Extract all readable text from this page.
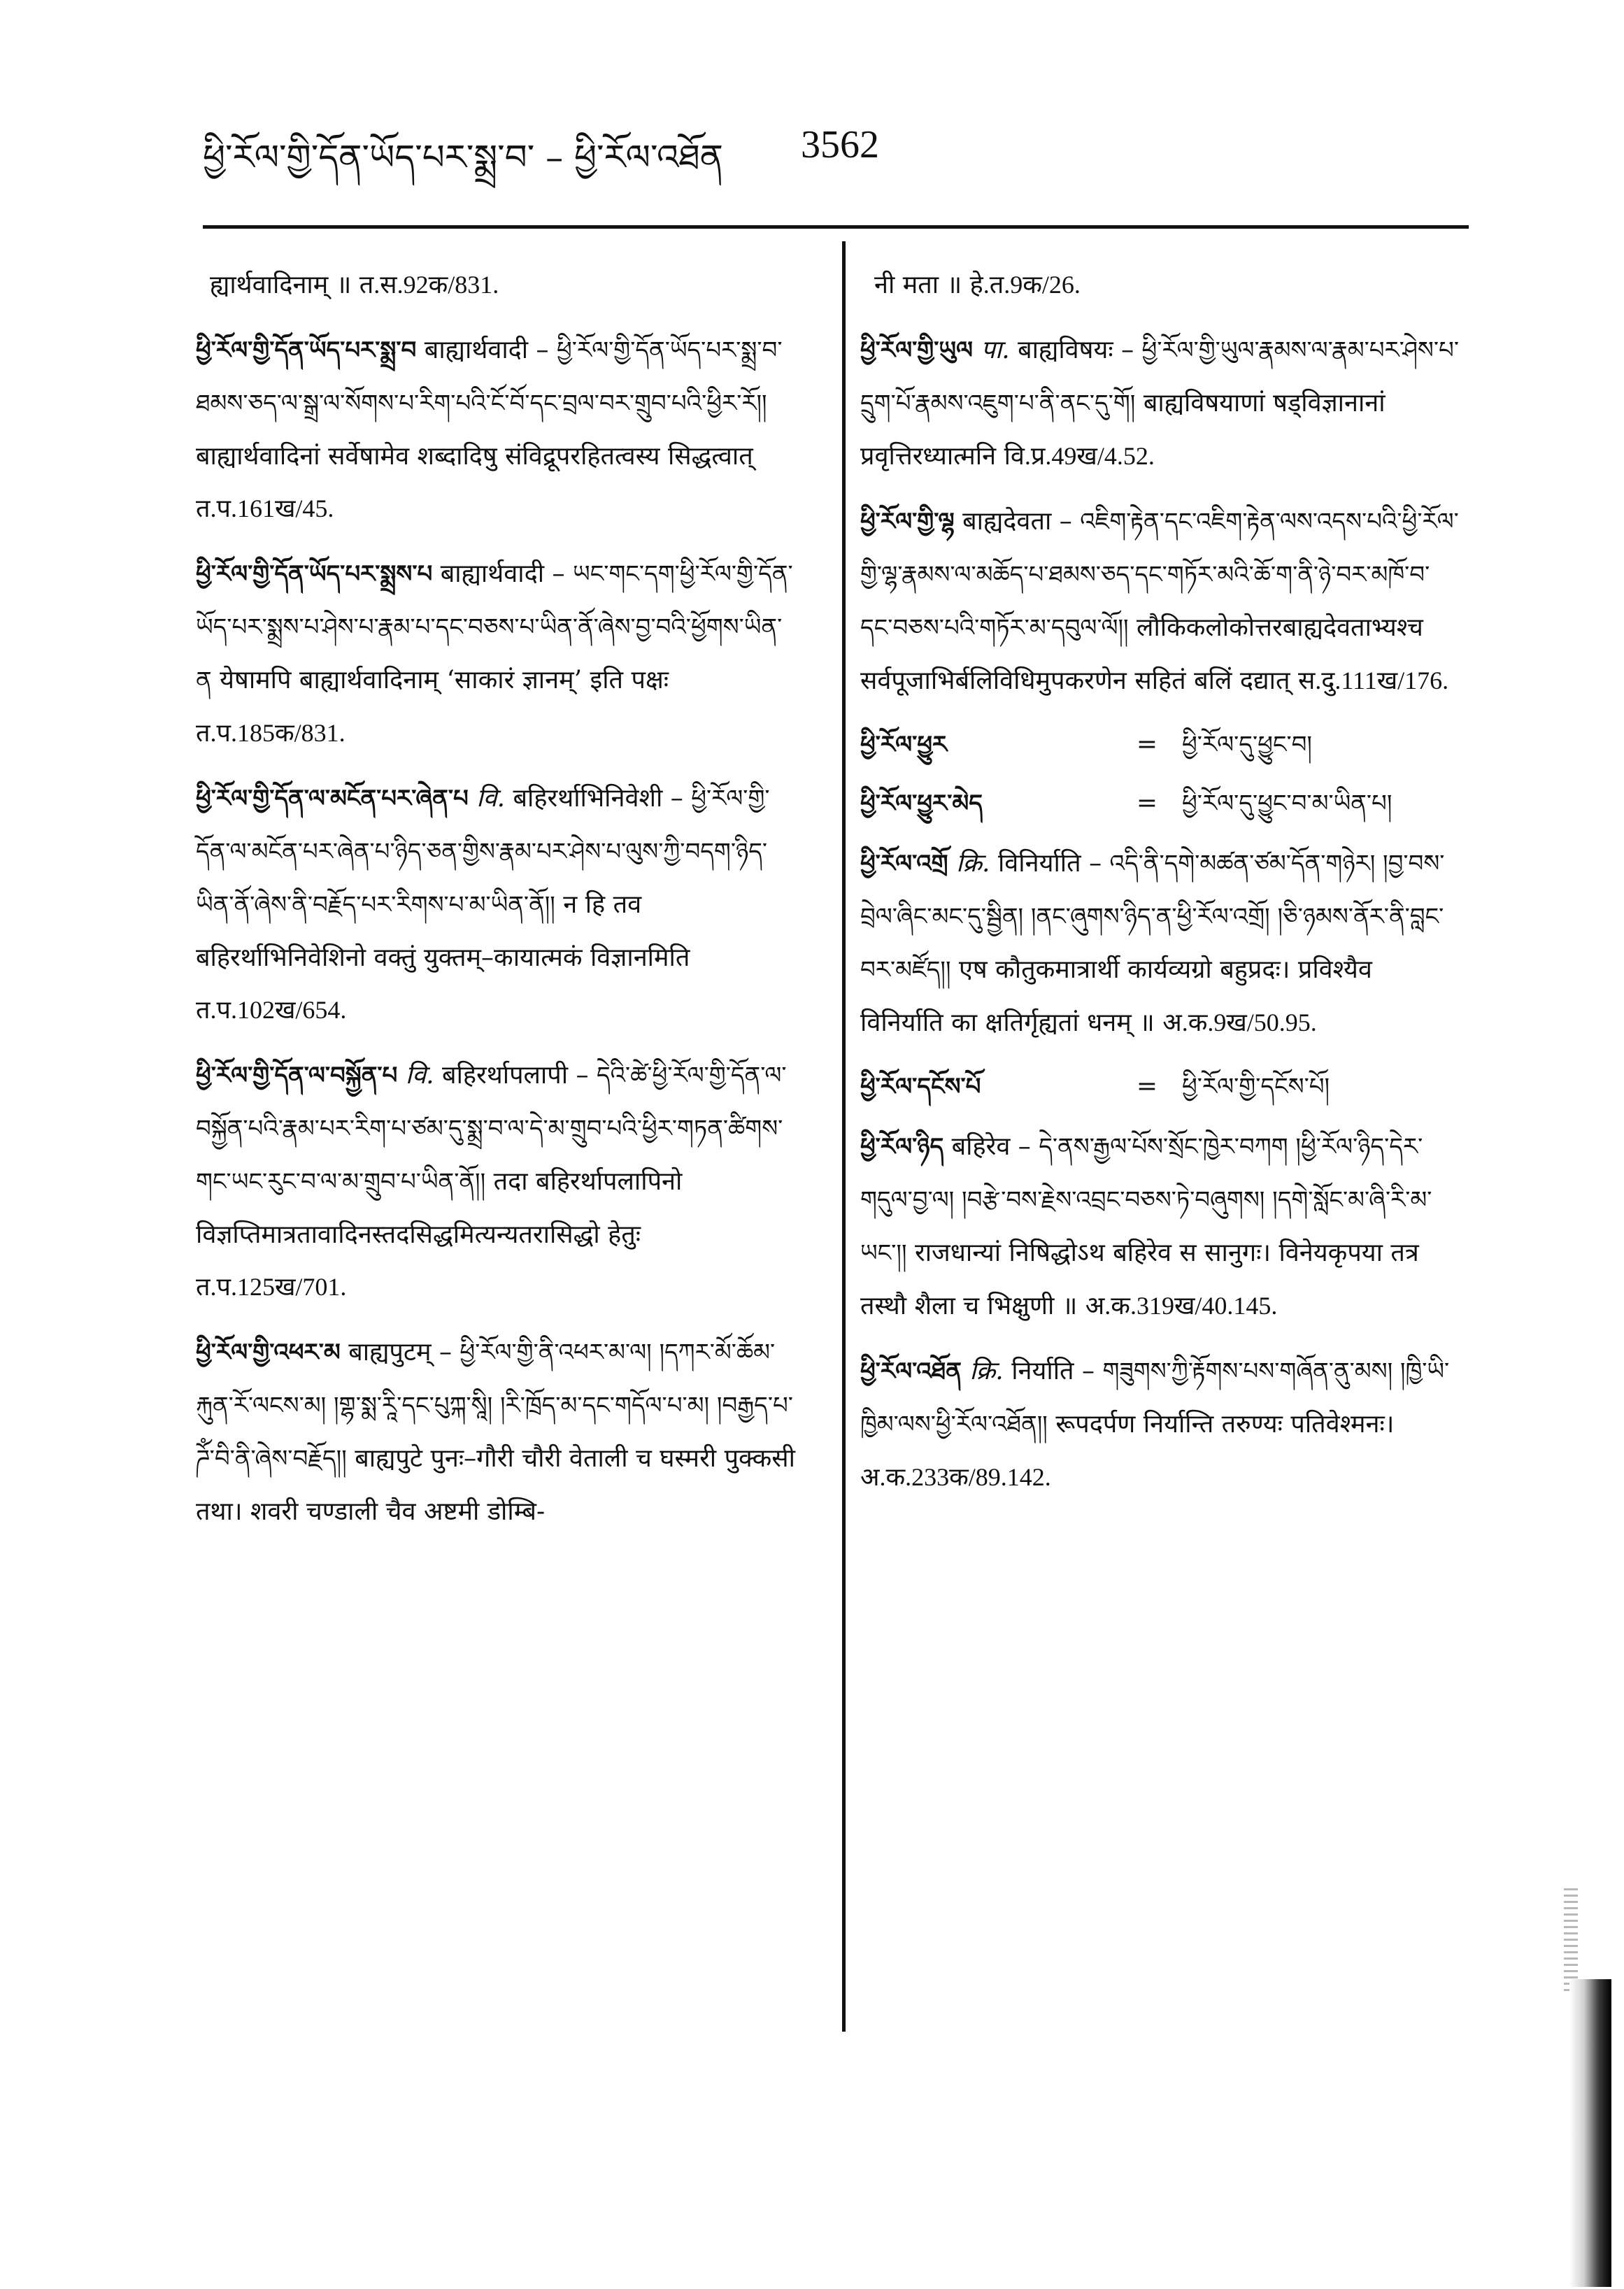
ཕྱི་རོལ་གྱི་དོན་ཡོད་པར་སྨྲ་བ་ – ཕྱི་རོལ་འཐོན 3562
ह्यार्थवादिनाम् ॥ त.स.92क/831.
ཕྱི་རོལ་གྱི་དོན་ཡོད་པར་སྨྲ་བ बाह्यार्थवादी – ཕྱི་རོལ་གྱི་དོན་ཡོད་པར་སྨྲ་བ་ཐམས་ཅད་ལ་སྒྲ་ལ་སོགས་པ་རིག་པའི་ངོ་བོ་དང་བྲལ་བར་གྲུབ་པའི་ཕྱིར་རོ།། बाह्यार्थवादिनां सर्वेषामेव शब्दादिषु संविद्रूपरहितत्वस्य सिद्धत्वात् त.प.161ख/45.
ཕྱི་རོལ་གྱི་དོན་ཡོད་པར་སྨྲས་པ बाह्यार्थवादी – ཡང་གང་དག་ཕྱི་རོལ་གྱི་དོན་ཡོད་པར་སྨྲས་པ་ཤེས་པ་རྣམ་པ་དང་བཅས་པ་ཡིན་ནོ་ཞེས་བྱ་བའི་ཕྱོགས་ཡིན་ན येषामपि बाह्यार्थवादिनाम् ‘साकारं ज्ञानम्’ इति पक्षः त.प.185क/831.
ཕྱི་རོལ་གྱི་དོན་ལ་མངོན་པར་ཞེན་པ वि. बहिरर्थाभिनिवेशी – ཕྱི་རོལ་གྱི་དོན་ལ་མངོན་པར་ཞེན་པ་ཉིད་ཅན་གྱིས་རྣམ་པར་ཤེས་པ་ལུས་ཀྱི་བདག་ཉིད་ཡིན་ནོ་ཞེས་ནི་བརྗོད་པར་རིགས་པ་མ་ཡིན་ནོ།། न हि तव बहिरर्थाभिनिवेशिनो वक्तुं युक्तम्–कायात्मकं विज्ञानमिति त.प.102ख/654.
ཕྱི་རོལ་གྱི་དོན་ལ་བསྐྱོན་པ वि. बहिरर्थापलापी – དེའི་ཚེ་ཕྱི་རོལ་གྱི་དོན་ལ་བསྐྱོན་པའི་རྣམ་པར་རིག་པ་ཙམ་དུ་སྨྲ་བ་ལ་དེ་མ་གྲུབ་པའི་ཕྱིར་གཏན་ཚིགས་གང་ཡང་རུང་བ་ལ་མ་གྲུབ་པ་ཡིན་ནོ།། तदा बहिरर्थापलापिनो विज्ञप्तिमात्रतावादिनस्तदसिद्धमित्यन्यतरासिद्धो हेतुः त.प.125ख/701.
ཕྱི་རོལ་གྱི་འཕར་མ बाह्यपुटम् – ཕྱི་རོལ་གྱི་ནི་འཕར་མ་ལ། །དཀར་མོ་ཆོམ་རྐུན་རོ་ལངས་མ། །གྷ་སྨ་རཱི་དང་པུཀྐ་སཱི། །རི་ཁྲོད་མ་དང་གདོལ་པ་མ། །བརྒྱད་པ་ཌོཾ་བི་ནི་ཞེས་བརྗོད།། बाह्यपुटे पुनः–गौरी चौरी वेताली च घस्मरी पुक्कसी तथा। शवरी चण्डाली चैव अष्टमी डोम्बि-
नी मता ॥ हे.त.9क/26.
ཕྱི་རོལ་གྱི་ཡུལ पा. बाह्यविषयः – ཕྱི་རོལ་གྱི་ཡུལ་རྣམས་ལ་རྣམ་པར་ཤེས་པ་དྲུག་པོ་རྣམས་འཇུག་པ་ནི་ནང་དུ་གོ། बाह्यविषयाणां षड्विज्ञानानां प्रवृत्तिरध्यात्मनि वि.प्र.49ख/4.52.
ཕྱི་རོལ་གྱི་ལྷ बाह्यदेवता – འཇིག་རྟེན་དང་འཇིག་རྟེན་ལས་འདས་པའི་ཕྱི་རོལ་གྱི་ལྷ་རྣམས་ལ་མཆོད་པ་ཐམས་ཅད་དང་གཏོར་མའི་ཆོ་ག་ནི་ཉེ་བར་མཁོ་བ་དང་བཅས་པའི་གཏོར་མ་དབུལ་ལོ།། लौकिकलोकोत्तरबाह्यदेवताभ्यश्च सर्वपूजाभिर्बलिविधिमुपकरणेन सहितं बलिं दद्यात् स.दु.111ख/176.
ཕྱི་རོལ་ཕྱུར	=	ཕྱི་རོལ་དུ་ཕྱུང་བ།
ཕྱི་རོལ་ཕྱུར་མེད	=	ཕྱི་རོལ་དུ་ཕྱུང་བ་མ་ཡིན་པ།
ཕྱི་རོལ་འགྲོ क्रि. विनिर्याति – འདི་ནི་དགེ་མཚན་ཙམ་དོན་གཉེར། །བྱ་བས་བྲེལ་ཞིང་མང་དུ་སྦྱིན། །ནང་ཞུགས་ཉིད་ན་ཕྱི་རོལ་འགྲོ། །ཅི་ཉམས་ནོར་ནི་བླང་བར་མཛོད།། एष कौतुकमात्रार्थी कार्यव्यग्रो बहुप्रदः। प्रविश्यैव विनिर्याति का क्षतिर्गृह्यतां धनम् ॥ अ.क.9ख/50.95.
ཕྱི་རོལ་དངོས་པོ	=	ཕྱི་རོལ་གྱི་དངོས་པོ།
ཕྱི་རོལ་ཉིད बहिरेव – དེ་ནས་རྒྱལ་པོས་སྲོང་ཁྱེར་བཀག །ཕྱི་རོལ་ཉིད་དེར་གདུལ་བྱ་ལ། །བརྩེ་བས་རྗེས་འབྲང་བཅས་ཏེ་བཞུགས། །དགེ་སློང་མ་ཞི་རི་མ་ཡང་།། राजधान्यां निषिद्धोऽथ बहिरेव स सानुगः। विनेयकृपया तत्र तस्थौ शैला च भिक्षुणी ॥ अ.क.319ख/40.145.
ཕྱི་རོལ་འཐོན क्रि. निर्याति – གཟུགས་ཀྱི་རྟོགས་པས་གཞོན་ནུ་མས། །ཁྱི་ཡི་ཁྱིམ་ལས་ཕྱི་རོལ་འཐོན།། रूपदर्पण निर्यान्ति तरुण्यः पतिवेश्मनः। अ.क.233क/89.142.
